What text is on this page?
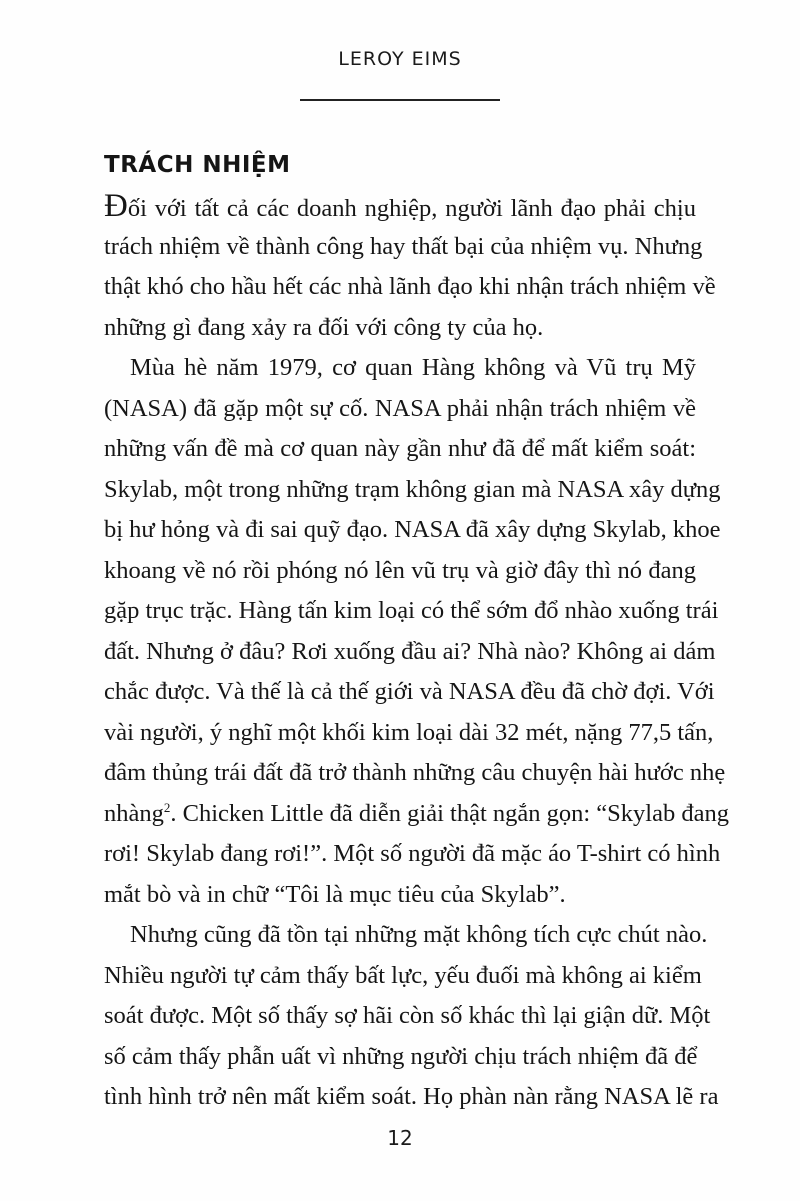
LEROY EIMS
TRÁCH NHIỆM
Đối với tất cả các doanh nghiệp, người lãnh đạo phải chịu
trách nhiệm về thành công hay thất bại của nhiệm vụ. Nhưng
thật khó cho hầu hết các nhà lãnh đạo khi nhận trách nhiệm về
những gì đang xảy ra đối với công ty của họ.
Mùa hè năm 1979, cơ quan Hàng không và Vũ trụ Mỹ
(NASA) đã gặp một sự cố. NASA phải nhận trách nhiệm về
những vấn đề mà cơ quan này gần như đã để mất kiểm soát:
Skylab, một trong những trạm không gian mà NASA xây dựng
bị hư hỏng và đi sai quỹ đạo. NASA đã xây dựng Skylab, khoe
khoang về nó rồi phóng nó lên vũ trụ và giờ đây thì nó đang
gặp trục trặc. Hàng tấn kim loại có thể sớm đổ nhào xuống trái
đất. Nhưng ở đâu? Rơi xuống đầu ai? Nhà nào? Không ai dám
chắc được. Và thế là cả thế giới và NASA đều đã chờ đợi. Với
vài người, ý nghĩ một khối kim loại dài 32 mét, nặng 77,5 tấn,
đâm thủng trái đất đã trở thành những câu chuyện hài hước nhẹ
nhàng$^2$. Chicken Little đã diễn giải thật ngắn gọn: “Skylab đang
rơi! Skylab đang rơi!”. Một số người đã mặc áo T-shirt có hình
mắt bò và in chữ “Tôi là mục tiêu của Skylab”.
Nhưng cũng đã tồn tại những mặt không tích cực chút nào.
Nhiều người tự cảm thấy bất lực, yếu đuối mà không ai kiểm
soát được. Một số thấy sợ hãi còn số khác thì lại giận dữ. Một
số cảm thấy phẫn uất vì những người chịu trách nhiệm đã để
tình hình trở nên mất kiểm soát. Họ phàn nàn rằng NASA lẽ ra
12
